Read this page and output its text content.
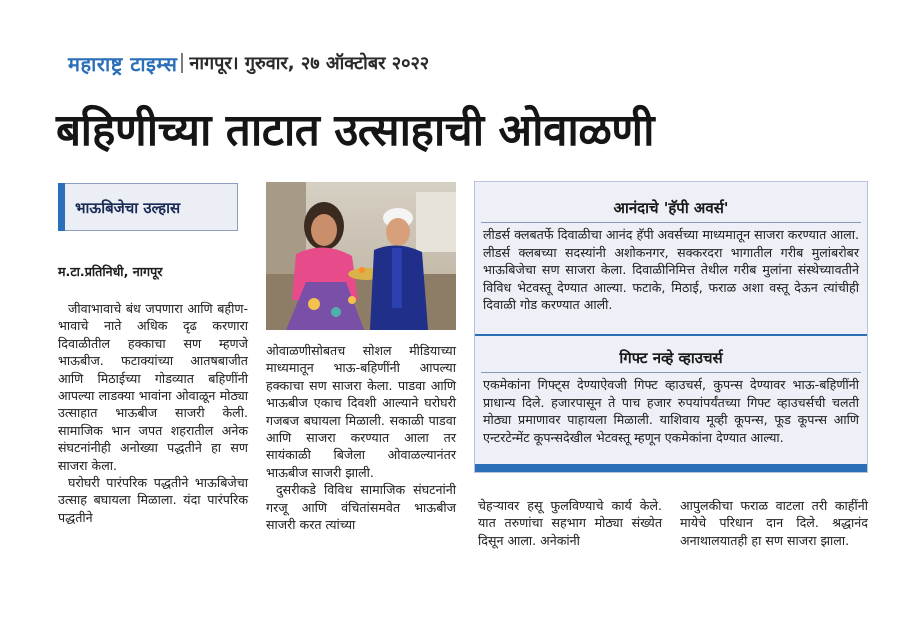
महाराष्ट्र टाइम्स नागपूर। गुरुवार, २७ ऑक्टोबर २०२२
बहिणीच्या ताटात उत्साहाची ओवाळणी
भाऊबिजेचा उल्हास
म.टा.प्रतिनिधी, नागपूर

जीवाभावाचे बंध जपणारा आणि बहीण-भावाचे नाते अधिक दृढ करणारा दिवाळीतील हक्काचा सण म्हणजे भाऊबीज. फटाक्यांच्या आतषबाजीत आणि मिठाईच्या गोडव्यात बहिणींनी आपल्या लाडक्या भावांना ओवाळून मोठ्या उत्साहात भाऊबीज साजरी केली. सामाजिक भान जपत शहरातील अनेक संघटनांनीही अनोख्या पद्धतीने हा सण साजरा केला.

घरोघरी पारंपरिक पद्धतीने भाऊबिजेचा उत्साह बघायला मिळाला. यंदा पारंपरिक पद्धतीने

ओवाळणीसोबतच सोशल मीडियाच्या माध्यमातून भाऊ-बहिणींनी आपल्या हक्काचा सण साजरा केला. पाडवा आणि भाऊबीज एकाच दिवशी आल्याने घरोघरी गजबज बघायला मिळाली. सकाळी पाडवा आणि साजरा करण्यात आला तर सायंकाळी बिजेला ओवाळल्यानंतर भाऊबीज साजरी झाली.

दुसरीकडे विविध सामाजिक संघटनांनी गरजू आणि वंचितांसमवेत भाऊबीज साजरी करत त्यांच्या

आनंदाचे 'हॅपी अवर्स'
लीडर्स क्लबतर्फे दिवाळीचा आनंद हॅपी अवर्सच्या माध्यमातून साजरा करण्यात आला. लीडर्स क्लबच्या सदस्यांनी अशोकनगर, सक्करदरा भागातील गरीब मुलांबरोबर भाऊबिजेचा सण साजरा केला. दिवाळीनिमित्त तेथील गरीब मुलांना संस्थेच्यावतीने विविध भेटवस्तू देण्यात आल्या. फटाके, मिठाई, फराळ अशा वस्तू देऊन त्यांचीही दिवाळी गोड करण्यात आली.
गिफ्ट नव्हे व्हाउचर्स
एकमेकांना गिफ्ट्स देण्याऐवजी गिफ्ट व्हाउचर्स, कुपन्स देण्यावर भाऊ-बहिणींनी प्राधान्य दिले. हजारपासून ते पाच हजार रुपयांपर्यंतच्या गिफ्ट व्हाउचर्सची चलती मोठ्या प्रमाणावर पाहायला मिळाली. याशिवाय मूव्ही कूपन्स, फूड कूपन्स आणि एन्टरटेन्मेंट कूपन्सदेखील भेटवस्तू म्हणून एकमेकांना देण्यात आल्या.

चेहऱ्यावर हसू फुलविण्याचे कार्य केले. यात तरुणांचा सहभाग मोठ्या संख्येत दिसून आला. अनेकांनी

आपुलकीचा फराळ वाटला तरी काहींनी मायेचे परिधान दान दिले. श्रद्धानंद अनाथालयातही हा सण साजरा झाला.
